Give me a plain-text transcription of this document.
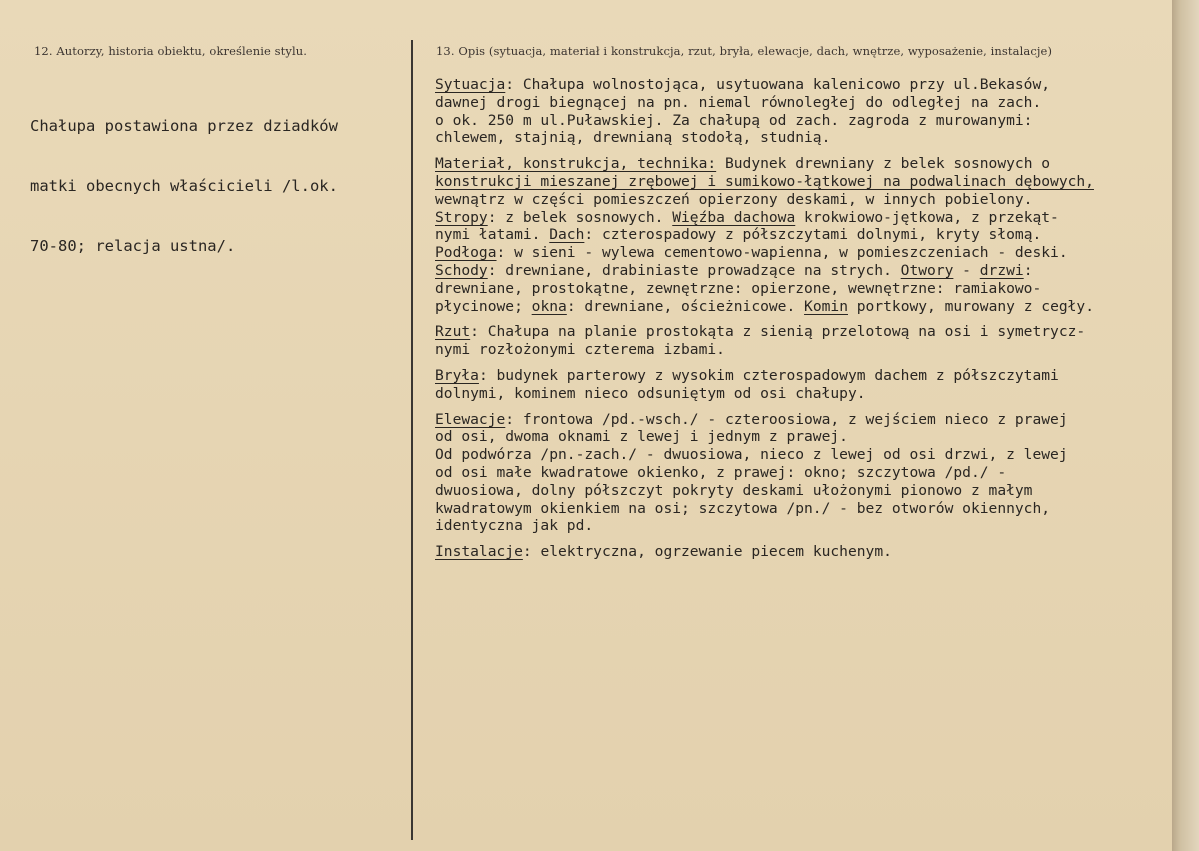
12. Autorzy, historia obiektu, określenie stylu.	13. Opis (sytuacja, materiał i konstrukcja, rzut, bryła, elewacje, dach, wnętrze, wyposażenie, instalacje)

Chałupa postawiona przez dziadków

matki obecnych właścicieli /l.ok.

70-80; relacja ustna/.

Sytuacja: Chałupa wolnostojąca, usytuowana kalenicowo przy ul.Bekasów,
dawnej drogi biegnącej na pn. niemal równoległej do odległej na zach.
o ok. 250 m ul.Puławskiej. Za chałupą od zach. zagroda z murowanymi:
chlewem, stajnią, drewnianą stodołą, studnią.
Materiał, konstrukcja, technika: Budynek drewniany z belek sosnowych o
konstrukcji mieszanej zrębowej i sumikowo-łątkowej na podwalinach dębowych,
wewnątrz w części pomieszczeń opierzony deskami, w innych pobielony.
Stropy: z belek sosnowych. Więźba dachowa krokwiowo-jętkowa, z przekąt-
nymi łatami. Dach: czterospadowy z półszczytami dolnymi, kryty słomą.
Podłoga: w sieni - wylewa cementowo-wapienna, w pomieszczeniach - deski.
Schody: drewniane, drabiniaste prowadzące na strych. Otwory - drzwi:
drewniane, prostokątne, zewnętrzne: opierzone, wewnętrzne: ramiakowo-
płycinowe; okna: drewniane, ościeżnicowe. Komin portkowy, murowany z cegły.
Rzut: Chałupa na planie prostokąta z sienią przelotową na osi i symetrycz-
nymi rozłożonymi czterema izbami.
Bryła: budynek parterowy z wysokim czterospadowym dachem z półszczytami
dolnymi, kominem nieco odsuniętym od osi chałupy.
Elewacje: frontowa /pd.-wsch./ - czteroosiowa, z wejściem nieco z prawej
od osi, dwoma oknami z lewej i jednym z prawej.
Od podwórza /pn.-zach./ - dwuosiowa, nieco z lewej od osi drzwi, z lewej
od osi małe kwadratowe okienko, z prawej: okno; szczytowa /pd./ -
dwuosiowa, dolny półszczyt pokryty deskami ułożonymi pionowo z małym
kwadratowym okienkiem na osi; szczytowa /pn./ - bez otworów okiennych,
identyczna jak pd.
Instalacje: elektryczna, ogrzewanie piecem kuchenym.
